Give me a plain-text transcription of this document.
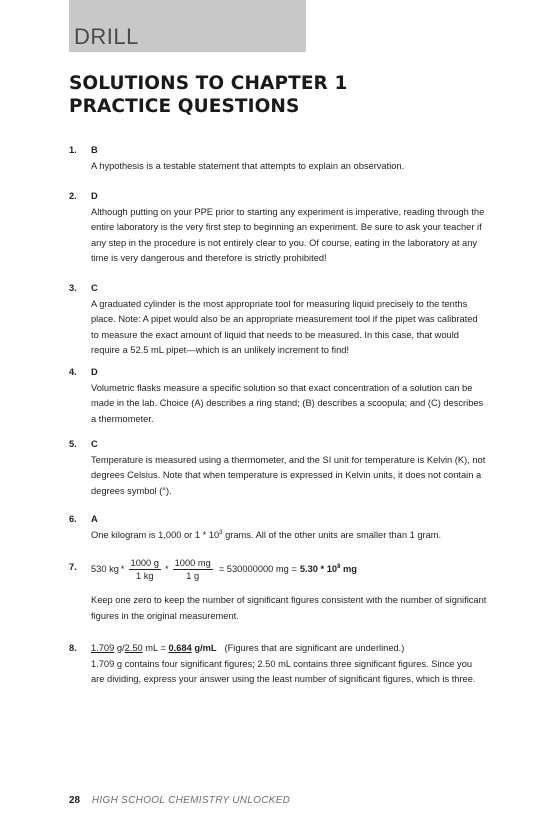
DRILL
SOLUTIONS TO CHAPTER 1
PRACTICE QUESTIONS
1. B
A hypothesis is a testable statement that attempts to explain an observation.
2. D
Although putting on your PPE prior to starting any experiment is imperative, reading through the entire laboratory is the very first step to beginning an experiment. Be sure to ask your teacher if any step in the procedure is not entirely clear to you. Of course, eating in the laboratory at any time is very dangerous and therefore is strictly prohibited!
3. C
A graduated cylinder is the most appropriate tool for measuring liquid precisely to the tenths place. Note: A pipet would also be an appropriate measurement tool if the pipet was calibrated to measure the exact amount of liquid that needs to be measured. In this case, that would require a 52.5 mL pipet—which is an unlikely increment to find!
4. D
Volumetric flasks measure a specific solution so that exact concentration of a solution can be made in the lab. Choice (A) describes a ring stand; (B) describes a scoopula; and (C) describes a thermometer.
5. C
Temperature is measured using a thermometer, and the SI unit for temperature is Kelvin (K), not degrees Celsius. Note that when temperature is expressed in Kelvin units, it does not contain a degrees symbol (°).
6. A
One kilogram is 1,000 or $1 * 10^3$ grams. All of the other units are smaller than 1 gram.
7. 530 kg * $\frac{1000 g}{1 kg} * \frac{1000 mg}{1 g} = 530000000$ mg = $5.30 * 10^8$ mg
Keep one zero to keep the number of significant figures consistent with the number of significant figures in the original measurement.
8. 1.709 g/2.50 mL = 0.684 g/mL (Figures that are significant are underlined.)
1.709 g contains four significant figures; 2.50 mL contains three significant figures. Since you are dividing, express your answer using the least number of significant figures, which is three.
28 HIGH SCHOOL CHEMISTRY UNLOCKED
